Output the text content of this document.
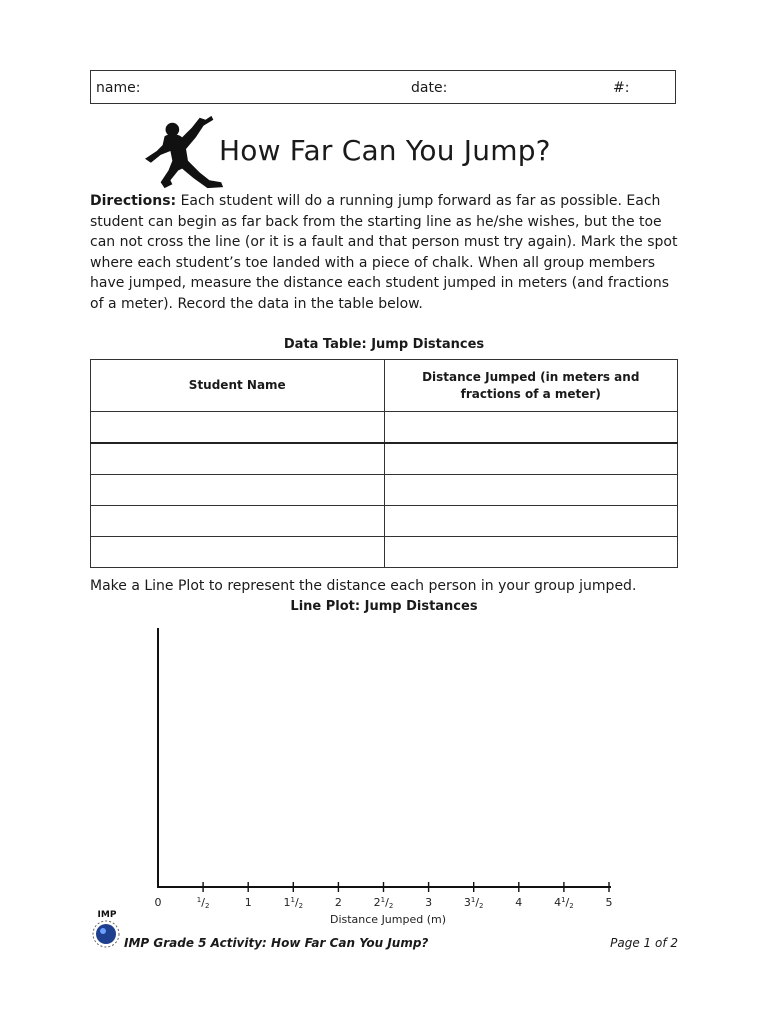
name:	date:	#:
How Far Can You Jump?
Directions: Each student will do a running jump forward as far as possible. Each student can begin as far back from the starting line as he/she wishes, but the toe can not cross the line (or it is a fault and that person must try again). Mark the spot where each student’s toe landed with a piece of chalk. When all group members have jumped, measure the distance each student jumped in meters (and fractions of a meter). Record the data in the table below.
Data Table: Jump Distances
Student Name	Distance Jumped (in meters and fractions of a meter)

Make a Line Plot to represent the distance each person in your group jumped.
Line Plot: Jump Distances
0	$^1$/2	1	$1^1/2$	2	$2^1/2$	3	$3^1/2$	4	$4^1/2$	5
Distance Jumped (m)
IMP
IMP Grade 5 Activity: How Far Can You Jump?	Page 1 of 2
